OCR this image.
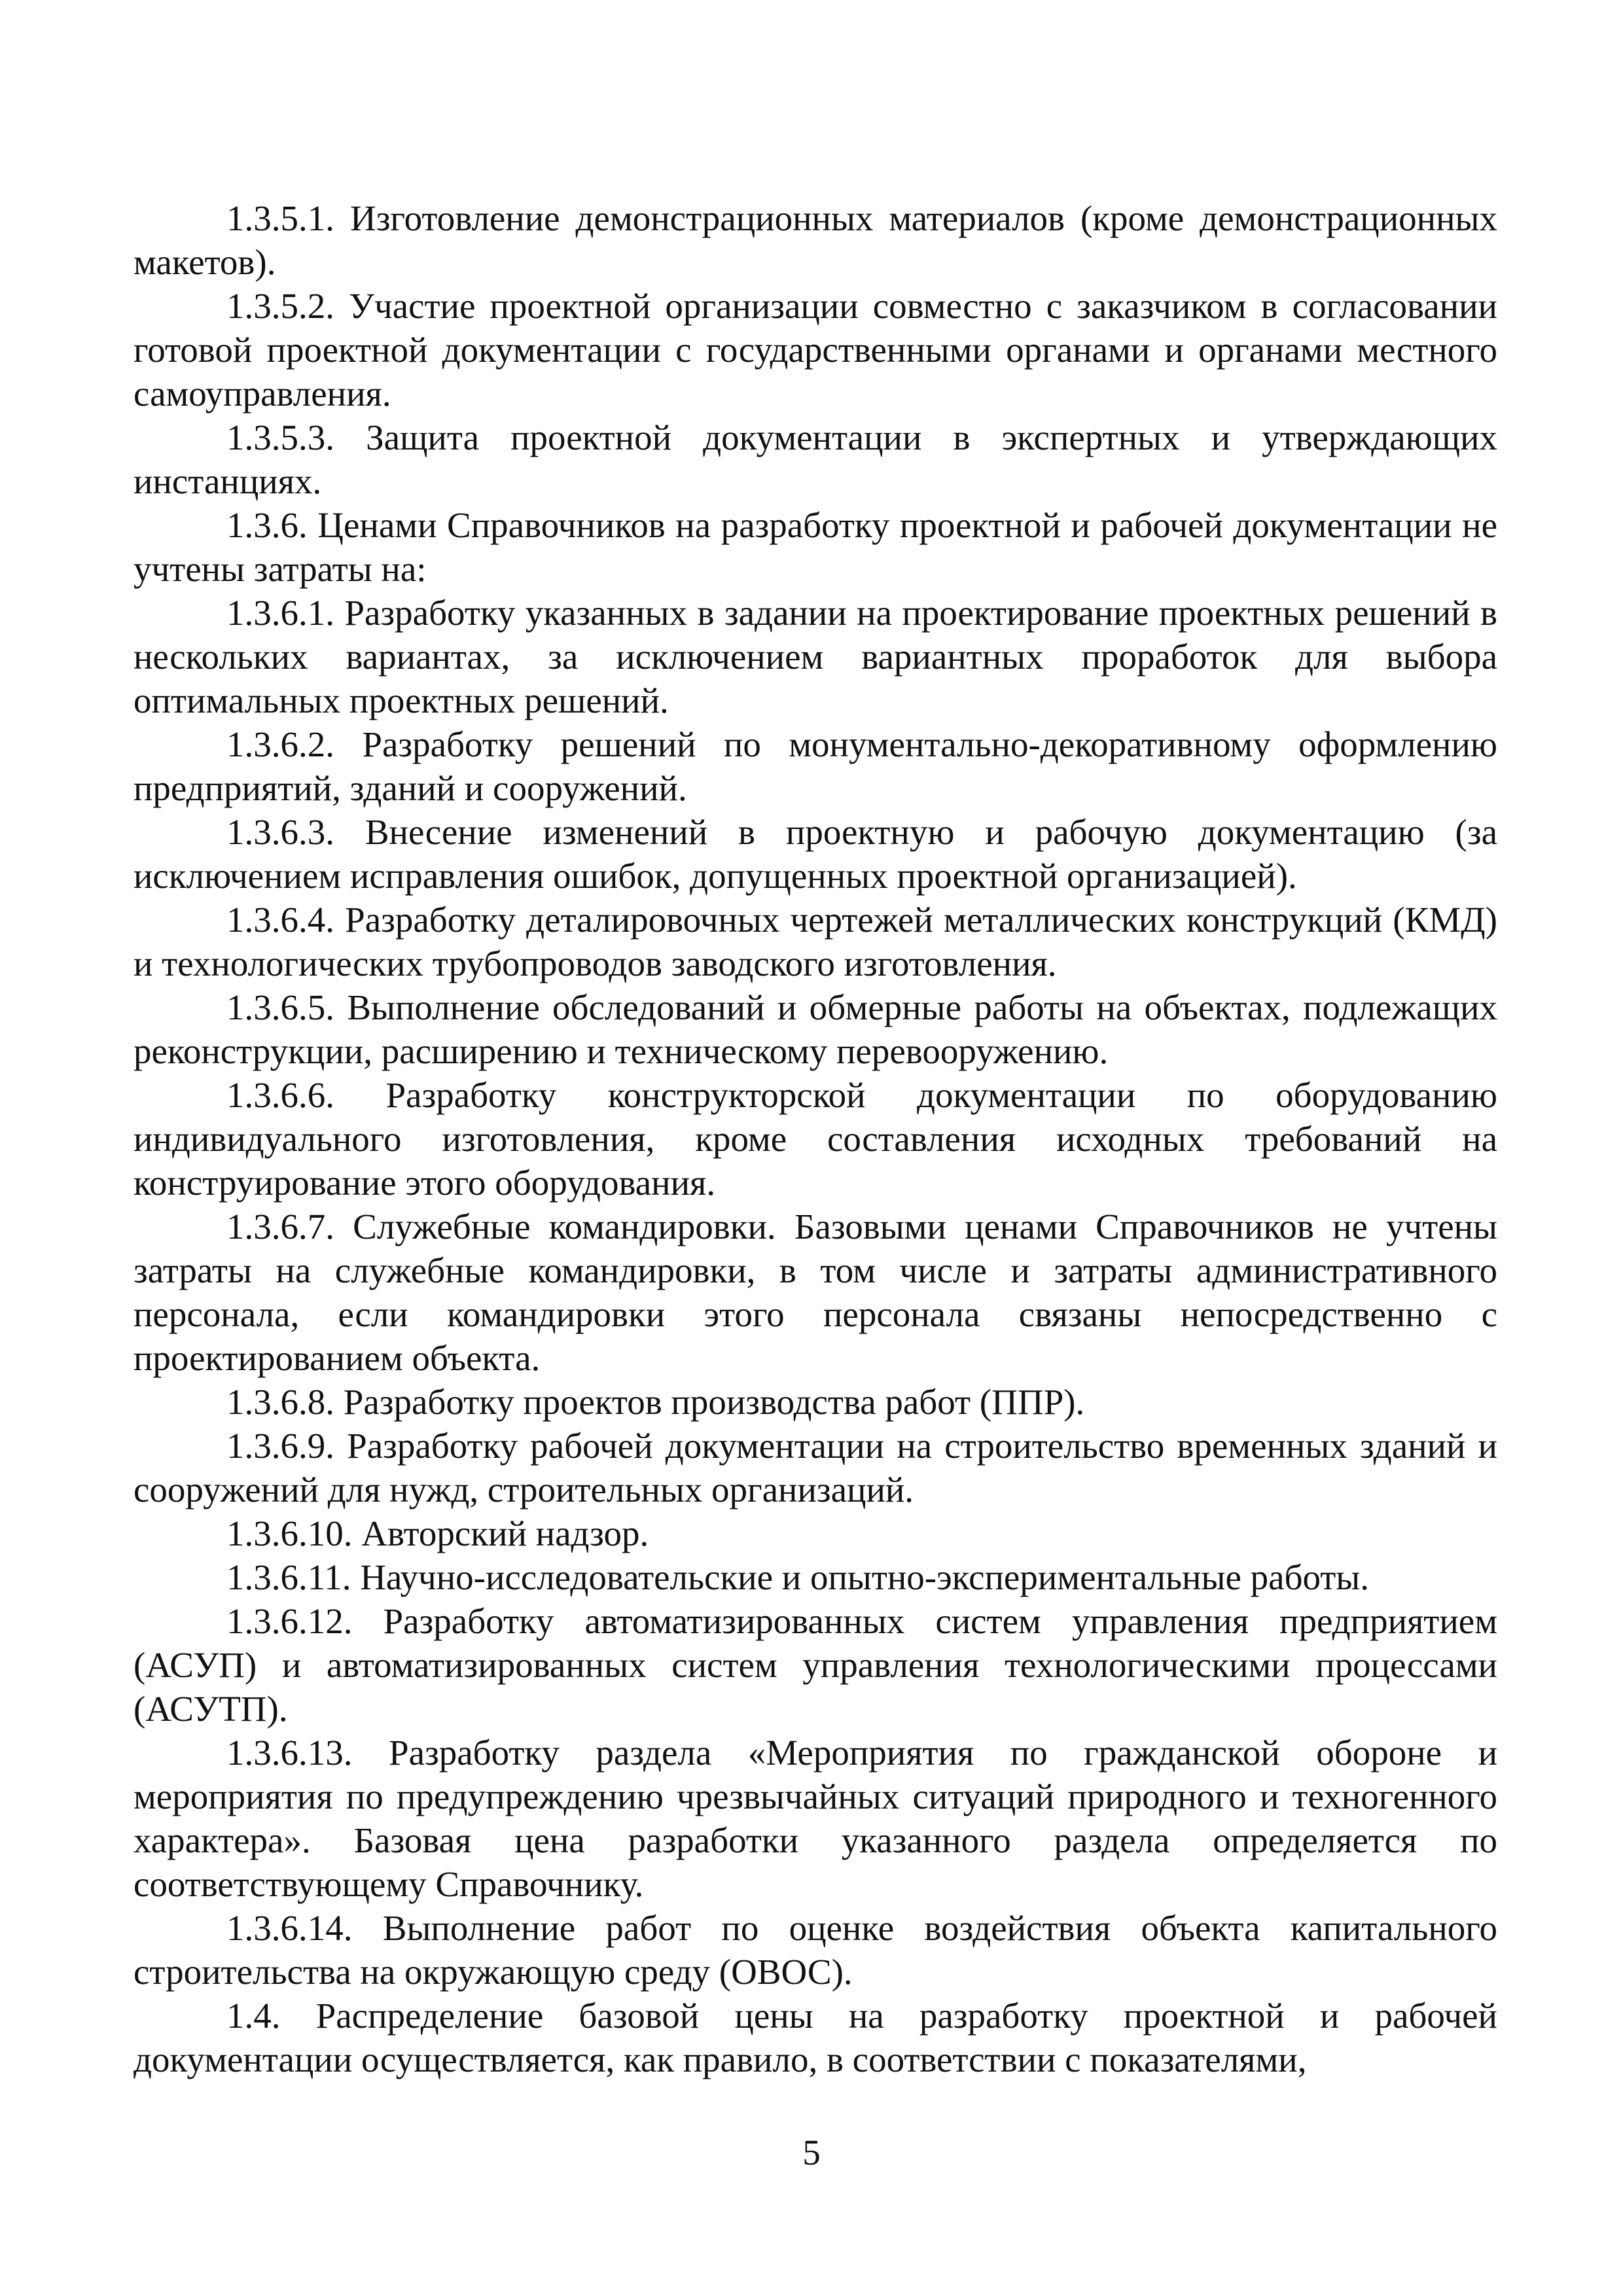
1.3.5.1. Изготовление демонстрационных материалов (кроме демонстрационных макетов).

1.3.5.2. Участие проектной организации совместно с заказчиком в согласовании готовой проектной документации с государственными органами и органами местного самоуправления.

1.3.5.3. Защита проектной документации в экспертных и утверждающих инстанциях.

1.3.6. Ценами Справочников на разработку проектной и рабочей документации не учтены затраты на:

1.3.6.1. Разработку указанных в задании на проектирование проектных решений в нескольких вариантах, за исключением вариантных проработок для выбора оптимальных проектных решений.

1.3.6.2. Разработку решений по монументально-декоративному оформлению предприятий, зданий и сооружений.

1.3.6.3. Внесение изменений в проектную и рабочую документацию (за исключением исправления ошибок, допущенных проектной организацией).

1.3.6.4. Разработку деталировочных чертежей металлических конструкций (КМД) и технологических трубопроводов заводского изготовления.

1.3.6.5. Выполнение обследований и обмерные работы на объектах, подлежащих реконструкции, расширению и техническому перевооружению.

1.3.6.6. Разработку конструкторской документации по оборудованию индивидуального изготовления, кроме составления исходных требований на конструирование этого оборудования.

1.3.6.7. Служебные командировки. Базовыми ценами Справочников не учтены затраты на служебные командировки, в том числе и затраты административного персонала, если командировки этого персонала связаны непосредственно с проектированием объекта.

1.3.6.8. Разработку проектов производства работ (ППР).

1.3.6.9. Разработку рабочей документации на строительство временных зданий и сооружений для нужд, строительных организаций.

1.3.6.10. Авторский надзор.

1.3.6.11. Научно-исследовательские и опытно-экспериментальные работы.

1.3.6.12. Разработку автоматизированных систем управления предприятием (АСУП) и автоматизированных систем управления технологическими процессами (АСУТП).

1.3.6.13. Разработку раздела «Мероприятия по гражданской обороне и мероприятия по предупреждению чрезвычайных ситуаций природного и техногенного характера». Базовая цена разработки указанного раздела определяется по соответствующему Справочнику.

1.3.6.14. Выполнение работ по оценке воздействия объекта капитального строительства на окружающую среду (ОВОС).

1.4. Распределение базовой цены на разработку проектной и рабочей документации осуществляется, как правило, в соответствии с показателями,

5
